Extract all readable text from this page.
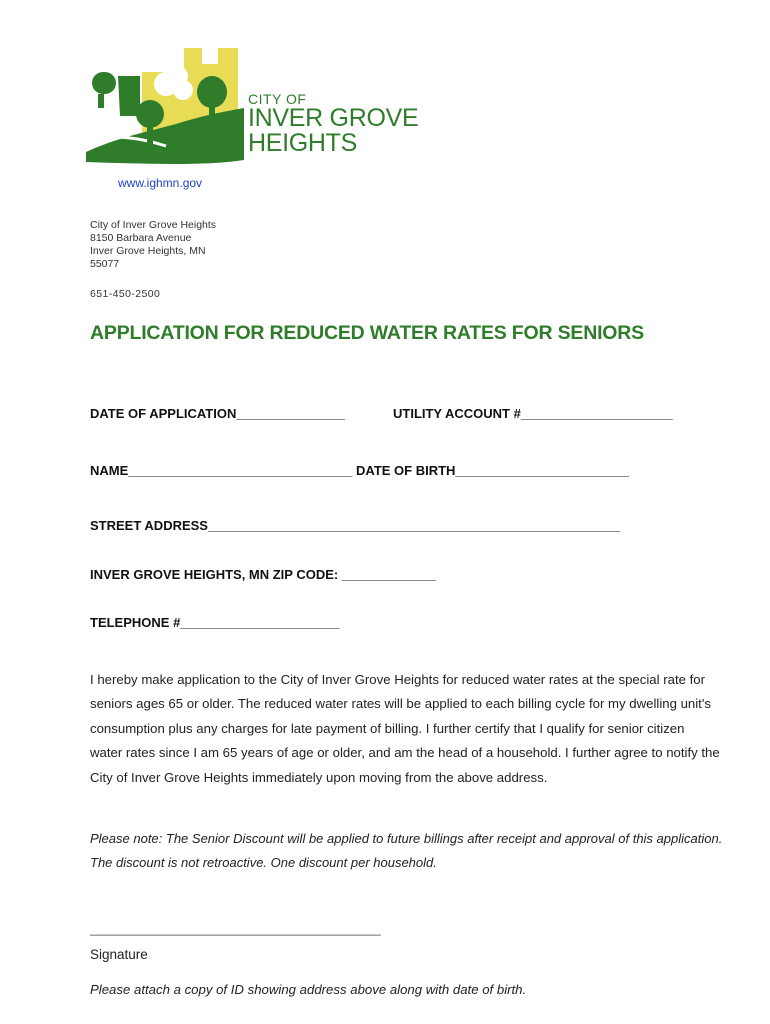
CITY OF
INVER GROVE
HEIGHTS
www.ighmn.gov
City of Inver Grove Heights
8150 Barbara Avenue
Inver Grove Heights, MN
55077
651-450-2500
APPLICATION FOR REDUCED WATER RATES FOR SENIORS
DATE OF APPLICATION_______________	UTILITY ACCOUNT #_____________________
NAME_______________________________ DATE OF BIRTH________________________
STREET ADDRESS_________________________________________________________
INVER GROVE HEIGHTS, MN ZIP CODE: _____________
TELEPHONE #______________________
I hereby make application to the City of Inver Grove Heights for reduced water rates at the special rate for seniors ages 65 or older. The reduced water rates will be applied to each billing cycle for my dwelling unit's consumption plus any charges for late payment of billing. I further certify that I qualify for senior citizen water rates since I am 65 years of age or older, and am the head of a household. I further agree to notify the City of Inver Grove Heights immediately upon moving from the above address.
Please note: The Senior Discount will be applied to future billings after receipt and approval of this application. The discount is not retroactive. One discount per household.
_______________________________________________
Signature
Please attach a copy of ID showing address above along with date of birth.
